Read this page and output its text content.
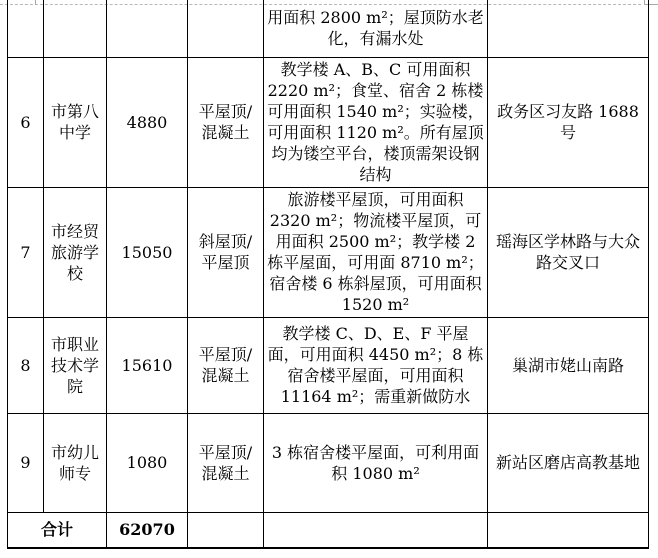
				用面积 2800 m²；屋顶防水老化，有漏水处	
6	市第八中学	4880	平屋顶/混凝土	教学楼 A、B、C 可用面积 2220 m²；食堂、宿舍 2 栋楼可用面积 1540 m²；实验楼，可用面积 1120 m²。所有屋顶均为镂空平台，楼顶需架设钢结构	政务区习友路 1688 号
7	市经贸旅游学校	15050	斜屋顶/平屋顶	旅游楼平屋顶，可用面积 2320 m²；物流楼平屋顶，可用面积 2500 m²；教学楼 2 栋平屋面，可用面 8710 m²；宿舍楼 6 栋斜屋顶，可用面积 1520 m²	瑶海区学林路与大众路交叉口
8	市职业技术学院	15610	平屋顶/混凝土	教学楼 C、D、E、F 平屋面，可用面积 4450 m²；8 栋宿舍楼平屋面，可用面积 11164 m²；需重新做防水	巢湖市姥山南路
9	市幼儿师专	1080	平屋顶/混凝土	3 栋宿舍楼平屋面，可利用面积 1080 m²	新站区磨店高教基地
合计		62070			
